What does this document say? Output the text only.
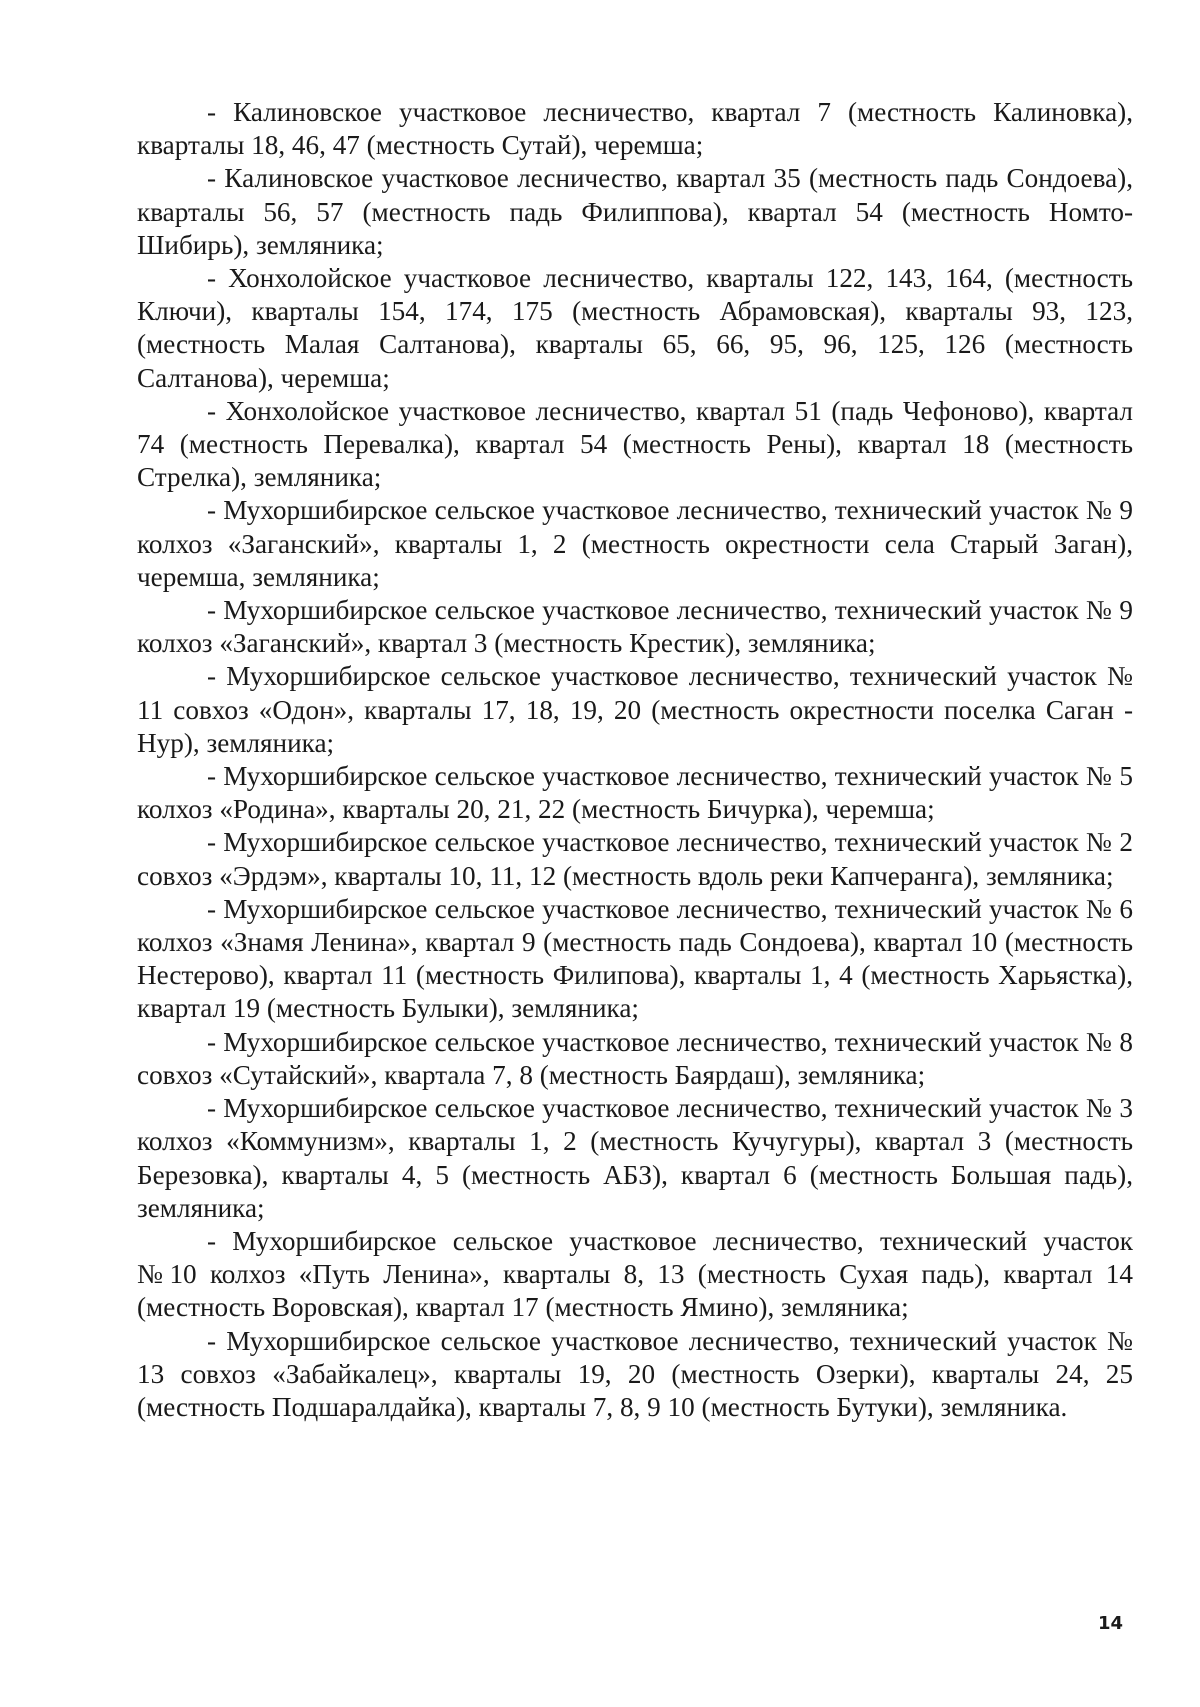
- Калиновское участковое лесничество, квартал 7 (местность Калиновка), кварталы 18, 46, 47 (местность Сутай), черемша;

- Калиновское участковое лесничество, квартал 35 (местность падь Сондоева), кварталы 56, 57 (местность падь Филиппова), квартал 54 (местность Номто-Шибирь), земляника;

- Хонхолойское участковое лесничество, кварталы 122, 143, 164, (местность Ключи), кварталы 154, 174, 175 (местность Абрамовская), кварталы 93, 123, (местность Малая Салтанова), кварталы 65, 66, 95, 96, 125, 126 (местность Салтанова), черемша;

- Хонхолойское участковое лесничество, квартал 51 (падь Чефоново), квартал 74 (местность Перевалка), квартал 54 (местность Рены), квартал 18 (местность Стрелка), земляника;

- Мухоршибирское сельское участковое лесничество, технический участок № 9 колхоз «Заганский», кварталы 1, 2 (местность окрестности села Старый Заган), черемша, земляника;

- Мухоршибирское сельское участковое лесничество, технический участок № 9 колхоз «Заганский», квартал 3 (местность Крестик), земляника;

- Мухоршибирское сельское участковое лесничество, технический участок № 11 совхоз «Одон», кварталы 17, 18, 19, 20 (местность окрестности поселка Саган - Нур), земляника;

- Мухоршибирское сельское участковое лесничество, технический участок № 5 колхоз «Родина», кварталы 20, 21, 22 (местность Бичурка), черемша;

- Мухоршибирское сельское участковое лесничество, технический участок № 2 совхоз «Эрдэм», кварталы 10, 11, 12 (местность вдоль реки Капчеранга), земляника;

- Мухоршибирское сельское участковое лесничество, технический участок № 6 колхоз «Знамя Ленина», квартал 9 (местность падь Сондоева), квартал 10 (местность Нестерово), квартал 11 (местность Филипова), кварталы 1, 4 (местность Харьястка), квартал 19 (местность Булыки), земляника;

- Мухоршибирское сельское участковое лесничество, технический участок № 8 совхоз «Сутайский», квартала 7, 8 (местность Баярдаш), земляника;

- Мухоршибирское сельское участковое лесничество, технический участок № 3 колхоз «Коммунизм», кварталы 1, 2 (местность Кучугуры), квартал 3 (местность Березовка), кварталы 4, 5 (местность АБЗ), квартал 6 (местность Большая падь), земляника;

- Мухоршибирское сельское участковое лесничество, технический участок №10 колхоз «Путь Ленина», кварталы 8, 13 (местность Сухая падь), квартал 14 (местность Воровская), квартал 17 (местность Ямино), земляника;

- Мухоршибирское сельское участковое лесничество, технический участок № 13 совхоз «Забайкалец», кварталы 19, 20 (местность Озерки), кварталы 24, 25 (местность Подшаралдайка), кварталы 7, 8, 9 10 (местность Бутуки), земляника.

14
